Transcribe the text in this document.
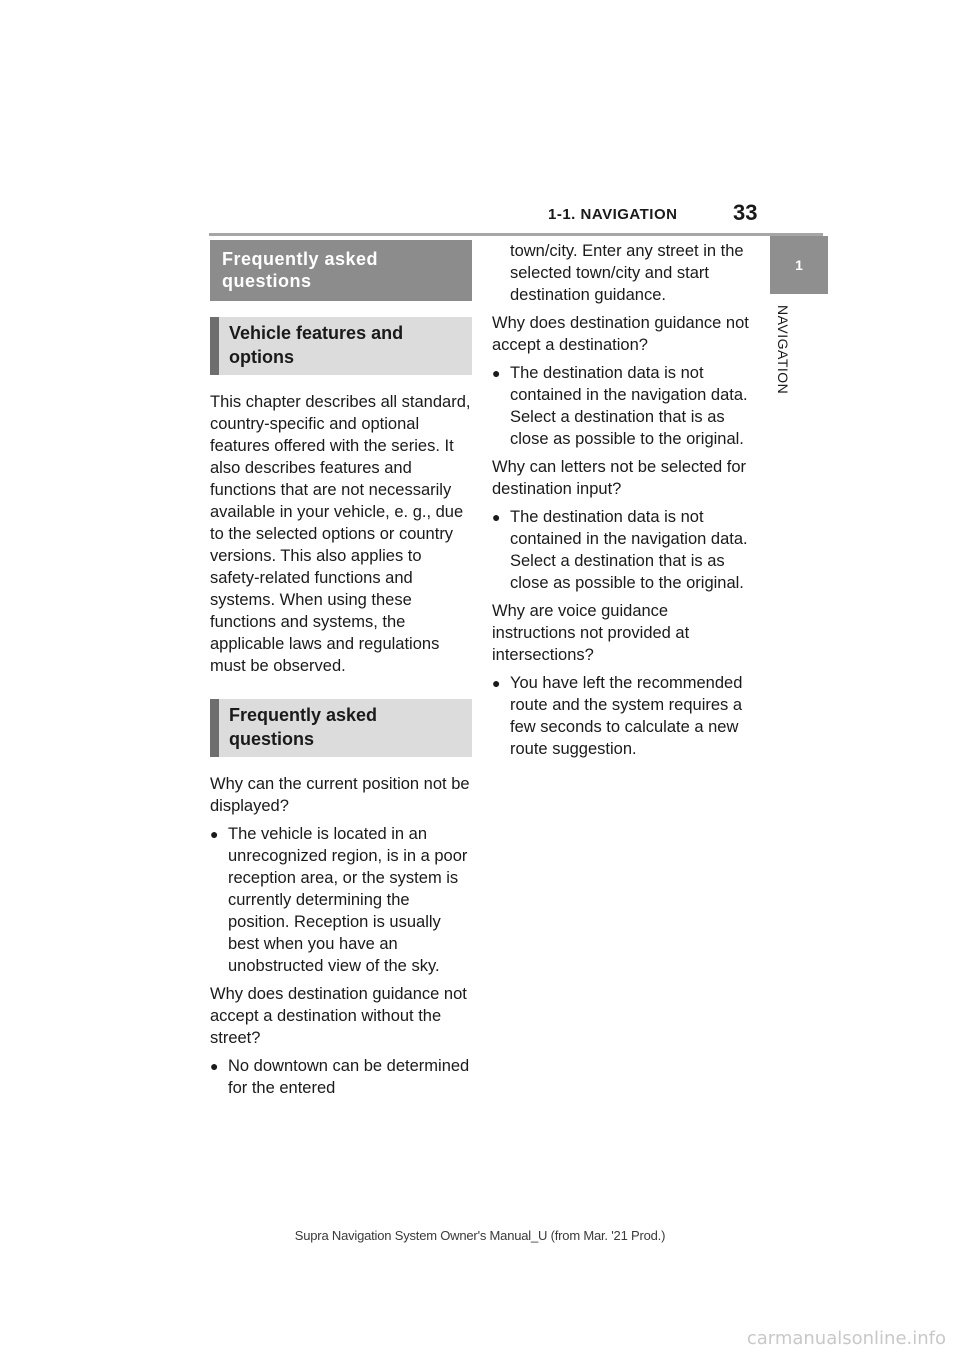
1-1. NAVIGATION	33
1
NAVIGATION
Frequently asked questions
Vehicle features and options

This chapter describes all standard, country-specific and optional features offered with the series. It also describes features and functions that are not necessarily available in your vehicle, e. g., due to the selected options or country versions. This also applies to safety-related functions and systems. When using these functions and systems, the applicable laws and regulations must be observed.

Frequently asked questions

Why can the current position not be displayed?

● The vehicle is located in an unrecognized region, is in a poor reception area, or the system is currently determining the position. Reception is usually best when you have an unobstructed view of the sky.

Why does destination guidance not accept a destination without the street?

● No downtown can be determined for the entered
town/city. Enter any street in the selected town/city and start destination guidance.

Why does destination guidance not accept a destination?

● The destination data is not contained in the navigation data. Select a destination that is as close as possible to the original.

Why can letters not be selected for destination input?

● The destination data is not contained in the navigation data. Select a destination that is as close as possible to the original.

Why are voice guidance instructions not provided at intersections?

● You have left the recommended route and the system requires a few seconds to calculate a new route suggestion.
Supra Navigation System Owner's Manual_U (from Mar. '21 Prod.)
carmanualsonline.info
